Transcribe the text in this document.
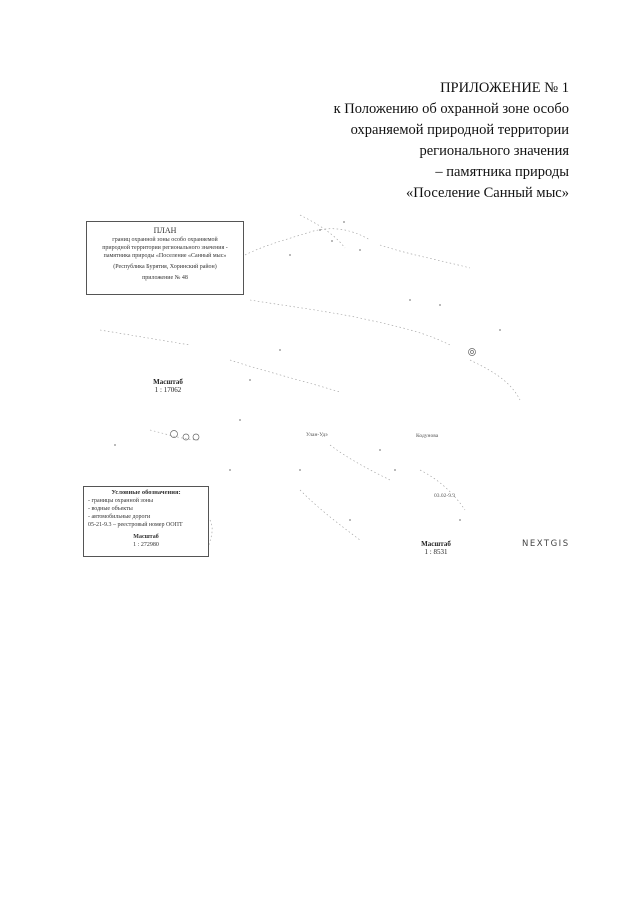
ПРИЛОЖЕНИЕ № 1
к Положению об охранной зоне особо
охраняемой природной территории
регионального значения
– памятника природы
«Поселение Санный мыс»
ПЛАН
границ охранной зоны особо охраняемой
природной территории регионального значения -
памятника природы «Поселение «Санный мыс»
(Республика Бурятия, Хоринский район)
приложение № 48
Масштаб
1 : 17062
Кодунова
03.02-9.3
Улан-Удэ
Условные обозначения:
- границы охранной зоны
- водные объекты
- автомобильные дороги
05-21-9.3 – реестровый номер ООПТ
Масштаб
1 : 272980	Масштаб
1 : 8531
NEXTGIS
